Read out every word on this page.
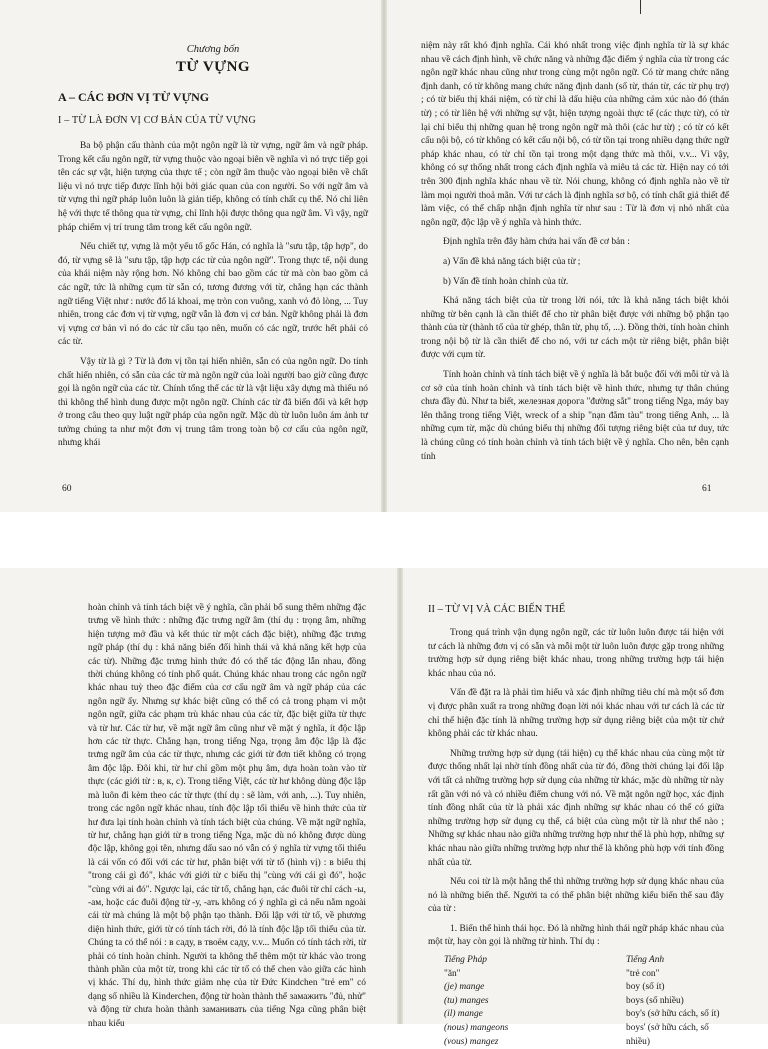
Chương bốn
TỪ VỰNG
A – CÁC ĐƠN VỊ TỪ VỰNG
I – TỪ LÀ ĐƠN VỊ CƠ BẢN CỦA TỪ VỰNG

Ba bộ phận cấu thành của một ngôn ngữ là từ vựng, ngữ âm và ngữ pháp. Trong kết cấu ngôn ngữ, từ vựng thuộc vào ngoại biên về nghĩa vì nó trực tiếp gọi tên các sự vật, hiện tượng của thực tế ; còn ngữ âm thuộc vào ngoại biên về chất liệu vì nó trực tiếp được lĩnh hội bởi giác quan của con người. So với ngữ âm và từ vựng thì ngữ pháp luôn luôn là giản tiếp, không có tính chất cụ thể. Nó chỉ liên hệ với thực tế thông qua từ vựng, chỉ lĩnh hội được thông qua ngữ âm. Vì vậy, ngữ pháp chiếm vị trí trung tâm trong kết cấu ngôn ngữ.

Nếu chiết tự, vựng là một yếu tố gốc Hán, có nghĩa là "sưu tập, tập hợp", do đó, từ vựng sẽ là "sưu tập, tập hợp các từ của ngôn ngữ". Trong thực tế, nội dung của khái niệm này rộng hơn. Nó không chỉ bao gồm các từ mà còn bao gồm cả các ngữ, tức là những cụm từ sẵn có, tương đương với từ, chẳng hạn các thành ngữ tiếng Việt như : nước đổ lá khoai, mẹ tròn con vuông, xanh vỏ đỏ lòng, ... Tuy nhiên, trong các đơn vị từ vựng, ngữ vẫn là đơn vị cơ bản. Ngữ không phải là đơn vị vựng cơ bản vì nó do các từ cấu tạo nên, muốn có các ngữ, trước hết phải có các từ.

Vậy từ là gì ? Từ là đơn vị tồn tại hiển nhiên, sẵn có của ngôn ngữ. Do tính chất hiển nhiên, có sẵn của các từ mà ngôn ngữ của loài người bao giờ cũng được gọi là ngôn ngữ của các từ. Chính tổng thể các từ là vật liệu xây dựng mà thiếu nó thì không thể hình dung được một ngôn ngữ. Chính các từ đã biến đổi và kết hợp ở trong câu theo quy luật ngữ pháp của ngôn ngữ. Mặc dù từ luôn luôn ám ảnh tư tưởng chúng ta như một đơn vị trung tâm trong toàn bộ cơ cấu của ngôn ngữ, nhưng khái

60

niệm này rất khó định nghĩa. Cái khó nhất trong việc định nghĩa từ là sự khác nhau về cách định hình, về chức năng và những đặc điểm ý nghĩa của từ trong các ngôn ngữ khác nhau cũng như trong cùng một ngôn ngữ. Có từ mang chức năng định danh, có từ không mang chức năng định danh (số từ, thán từ, các từ phụ trợ) ; có từ biểu thị khái niệm, có từ chỉ là dấu hiệu của những cảm xúc nào đó (thán từ) ; có từ liên hệ với những sự vật, hiện tượng ngoài thực tế (các thực từ), có từ lại chỉ biểu thị những quan hệ trong ngôn ngữ mà thôi (các hư từ) ; có từ có kết cấu nội bộ, có từ không có kết cấu nội bộ, có từ tồn tại trong nhiều dạng thức ngữ pháp khác nhau, có từ chỉ tồn tại trong một dạng thức mà thôi, v.v... Vì vậy, không có sự thống nhất trong cách định nghĩa và miêu tả các từ. Hiện nay có tới trên 300 định nghĩa khác nhau về từ. Nói chung, không có định nghĩa nào về từ làm mọi người thoả mãn. Với tư cách là định nghĩa sơ bộ, có tính chất giả thiết để làm việc, có thể chấp nhận định nghĩa từ như sau : Từ là đơn vị nhỏ nhất của ngôn ngữ, độc lập về ý nghĩa và hình thức.

Định nghĩa trên đây hàm chứa hai vấn đề cơ bản :

a) Vấn đề khả năng tách biệt của từ ;

b) Vấn đề tính hoàn chỉnh của từ.

Khả năng tách biệt của từ trong lời nói, tức là khả năng tách biệt khỏi những từ bên cạnh là cần thiết để cho từ phân biệt được với những bộ phận tạo thành của từ (thành tố của từ ghép, thân từ, phụ tố, ...). Đồng thời, tính hoàn chỉnh trong nội bộ từ là cần thiết để cho nó, với tư cách một từ riêng biệt, phân biệt được với cụm từ.

Tính hoàn chỉnh và tính tách biệt về ý nghĩa là bắt buộc đối với mỗi từ và là cơ sở của tính hoàn chỉnh và tính tách biệt về hình thức, nhưng tự thân chúng chưa đầy đủ. Như ta biết, железная дорога "đường sắt" trong tiếng Nga, máy bay lên thẳng trong tiếng Việt, wreck of a ship "nạn đắm tàu" trong tiếng Anh, ... là những cụm từ, mặc dù chúng biểu thị những đối tượng riêng biệt của tư duy, tức là chúng cũng có tính hoàn chỉnh và tính tách biệt về ý nghĩa. Cho nên, bên cạnh tính

61

hoàn chỉnh và tính tách biệt về ý nghĩa, cần phải bổ sung thêm những đặc trưng về hình thức : những đặc trưng ngữ âm (thí dụ : trọng âm, những hiện tượng mở đầu và kết thúc từ một cách đặc biệt), những đặc trưng ngữ pháp (thí dụ : khả năng biến đổi hình thái và khả năng kết hợp của các từ). Những đặc trưng hình thức đó có thể tác động lẫn nhau, đồng thời chúng không có tính phổ quát. Chúng khác nhau trong các ngôn ngữ khác nhau tuỳ theo đặc điểm của cơ cấu ngữ âm và ngữ pháp của các ngôn ngữ ấy. Nhưng sự khác biệt cũng có thể có cả trong phạm vi một ngôn ngữ, giữa các phạm trù khác nhau của các từ, đặc biệt giữa từ thực và từ hư. Các từ hư, về mặt ngữ âm cũng như về mặt ý nghĩa, ít độc lập hơn các từ thực. Chẳng hạn, trong tiếng Nga, trọng âm độc lập là đặc trưng ngữ âm của các từ thực, nhưng các giới từ đơn tiết không có trọng âm độc lập. Đôi khi, từ hư chỉ gồm một phụ âm, dựa hoàn toàn vào từ thực (các giới từ : в, к, с). Trong tiếng Việt, các từ hư không dùng độc lập mà luôn đi kèm theo các từ thực (thí dụ : sẽ làm, với anh, ...). Tuy nhiên, trong các ngôn ngữ khác nhau, tính độc lập tối thiểu về hình thức của từ hư đưa lại tính hoàn chỉnh và tính tách biệt của chúng. Về mặt ngữ nghĩa, từ hư, chẳng hạn giới từ в trong tiếng Nga, mặc dù nó không được dùng độc lập, không gọi tên, nhưng dấu sao nó vẫn có ý nghĩa từ vựng tối thiểu là cái vốn có đối với các từ hư, phân biệt với từ tố (hình vị) : в biểu thị "trong cái gì đó", khác với giới từ с biểu thị "cùng với cái gì đó", hoặc "cùng với ai đó". Ngược lại, các từ tố, chẳng hạn, các đuôi từ chỉ cách -ы, -ам, hoặc các đuôi động từ -у, -ать không có ý nghĩa gì cả nếu nằm ngoài cái từ mà chúng là một bộ phận tạo thành. Đối lập với từ tố, về phương diện hình thức, giới từ có tính tách rời, đó là tính độc lập tối thiểu của từ. Chúng ta có thể nói : в саду, в твоём саду, v.v... Muốn có tính tách rời, từ phải có tính hoàn chỉnh. Người ta không thể thêm một từ khác vào trong thành phần của một từ, trong khi các từ tố có thể chen vào giữa các hình vị khác. Thí dụ, hình thức giảm nhẹ của từ Đức Kindchen "trẻ em" có dạng số nhiều là Kinderchen, động từ hoàn thành thể замажить "đủ, nhử" và động từ chưa hoàn thành заманивать của tiếng Nga cũng phân biệt nhau kiểu

II – TỪ VỊ VÀ CÁC BIẾN THỂ

Trong quá trình vận dụng ngôn ngữ, các từ luôn luôn được tái hiện với tư cách là những đơn vị có sẵn và mỗi một từ luôn luôn được gặp trong những trường hợp sử dụng riêng biệt khác nhau, trong những trường hợp tái hiện khác nhau của nó.

Vấn đề đặt ra là phải tìm hiểu và xác định những tiêu chí mà một số đơn vị được phân xuất ra trong những đoạn lời nói khác nhau với tư cách là các từ chỉ thể hiện đặc tính là những trường hợp sử dụng riêng biệt của một từ chứ không phải các từ khác nhau.

Những trường hợp sử dụng (tái hiện) cụ thể khác nhau của cùng một từ được thống nhất lại nhờ tính đồng nhất của từ đó, đồng thời chúng lại đối lập với tất cả những trường hợp sử dụng của những từ khác, mặc dù những từ này rất gần với nó và có nhiều điểm chung với nó. Về mặt ngôn ngữ học, xác định tính đồng nhất của từ là phải xác định những sự khác nhau có thể có giữa những trường hợp sử dụng cụ thể, cá biệt của cùng một từ là như thế nào ; Những sự khác nhau nào giữa những trường hợp như thế là phù hợp, những sự khác nhau nào giữa những trường hợp như thế là không phù hợp với tính đồng nhất của từ.

Nếu coi từ là một hằng thể thì những trường hợp sử dụng khác nhau của nó là những biến thể. Người ta có thể phân biệt những kiểu biến thể sau đây của từ :

1. Biến thể hình thái học. Đó là những hình thái ngữ pháp khác nhau của một từ, hay còn gọi là những từ hình. Thí dụ :

Tiếng Pháp
"ăn"
(je) mange
(tu) manges
(il) mange
(nous) mangeons
(vous) mangez
Tiếng Anh
"trẻ con"
boy (số ít)
boys (số nhiều)
boy's (sở hữu cách, số ít)
boys' (sở hữu cách, số nhiều)
